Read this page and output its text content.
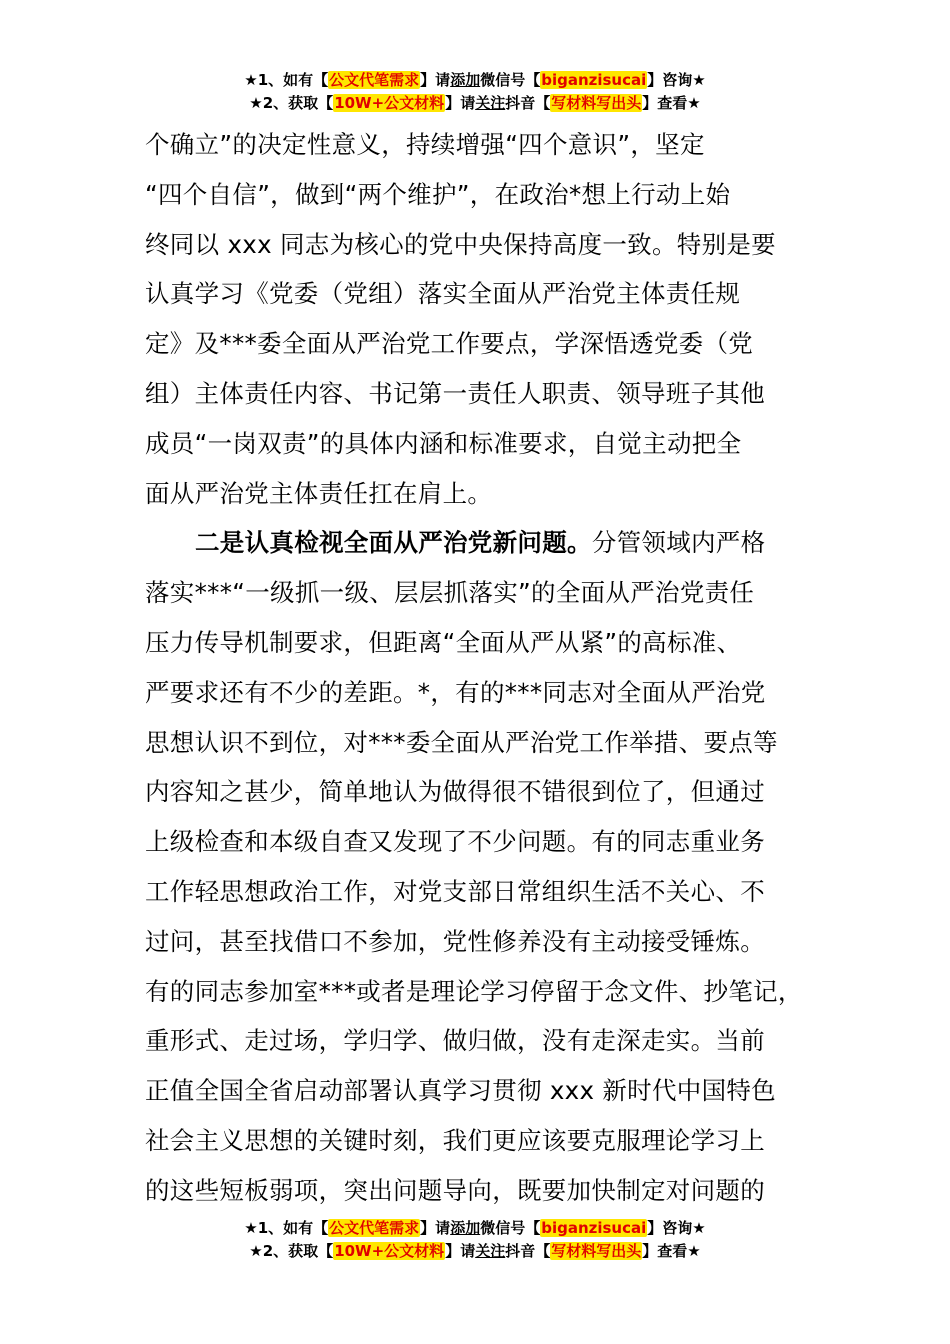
★1、如有【公文代笔需求】请添加微信号【biganzisucai】咨询★
★2、获取【10W+公文材料】请关注抖音【写材料写出头】查看★
个确立”的决定性意义，持续增强“四个意识”，坚定
“四个自信”，做到“两个维护”，在政治*想上行动上始
终同以 xxx 同志为核心的党中央保持高度一致。特别是要
认真学习《党委（党组）落实全面从严治党主体责任规
定》及***委全面从严治党工作要点，学深悟透党委（党
组）主体责任内容、书记第一责任人职责、领导班子其他
成员“一岗双责”的具体内涵和标准要求，自觉主动把全
面从严治党主体责任扛在肩上。
二是认真检视全面从严治党新问题。分管领域内严格
落实***“一级抓一级、层层抓落实”的全面从严治党责任
压力传导机制要求，但距离“全面从严从紧”的高标准、
严要求还有不少的差距。*，有的***同志对全面从严治党
思想认识不到位，对***委全面从严治党工作举措、要点等
内容知之甚少，简单地认为做得很不错很到位了，但通过
上级检查和本级自查又发现了不少问题。有的同志重业务
工作轻思想政治工作，对党支部日常组织生活不关心、不
过问，甚至找借口不参加，党性修养没有主动接受锤炼。
有的同志参加室***或者是理论学习停留于念文件、抄笔记，
重形式、走过场，学归学、做归做，没有走深走实。当前
正值全国全省启动部署认真学习贯彻 xxx 新时代中国特色
社会主义思想的关键时刻，我们更应该要克服理论学习上
的这些短板弱项，突出问题导向，既要加快制定对问题的
★1、如有【公文代笔需求】请添加微信号【biganzisucai】咨询★
★2、获取【10W+公文材料】请关注抖音【写材料写出头】查看★
